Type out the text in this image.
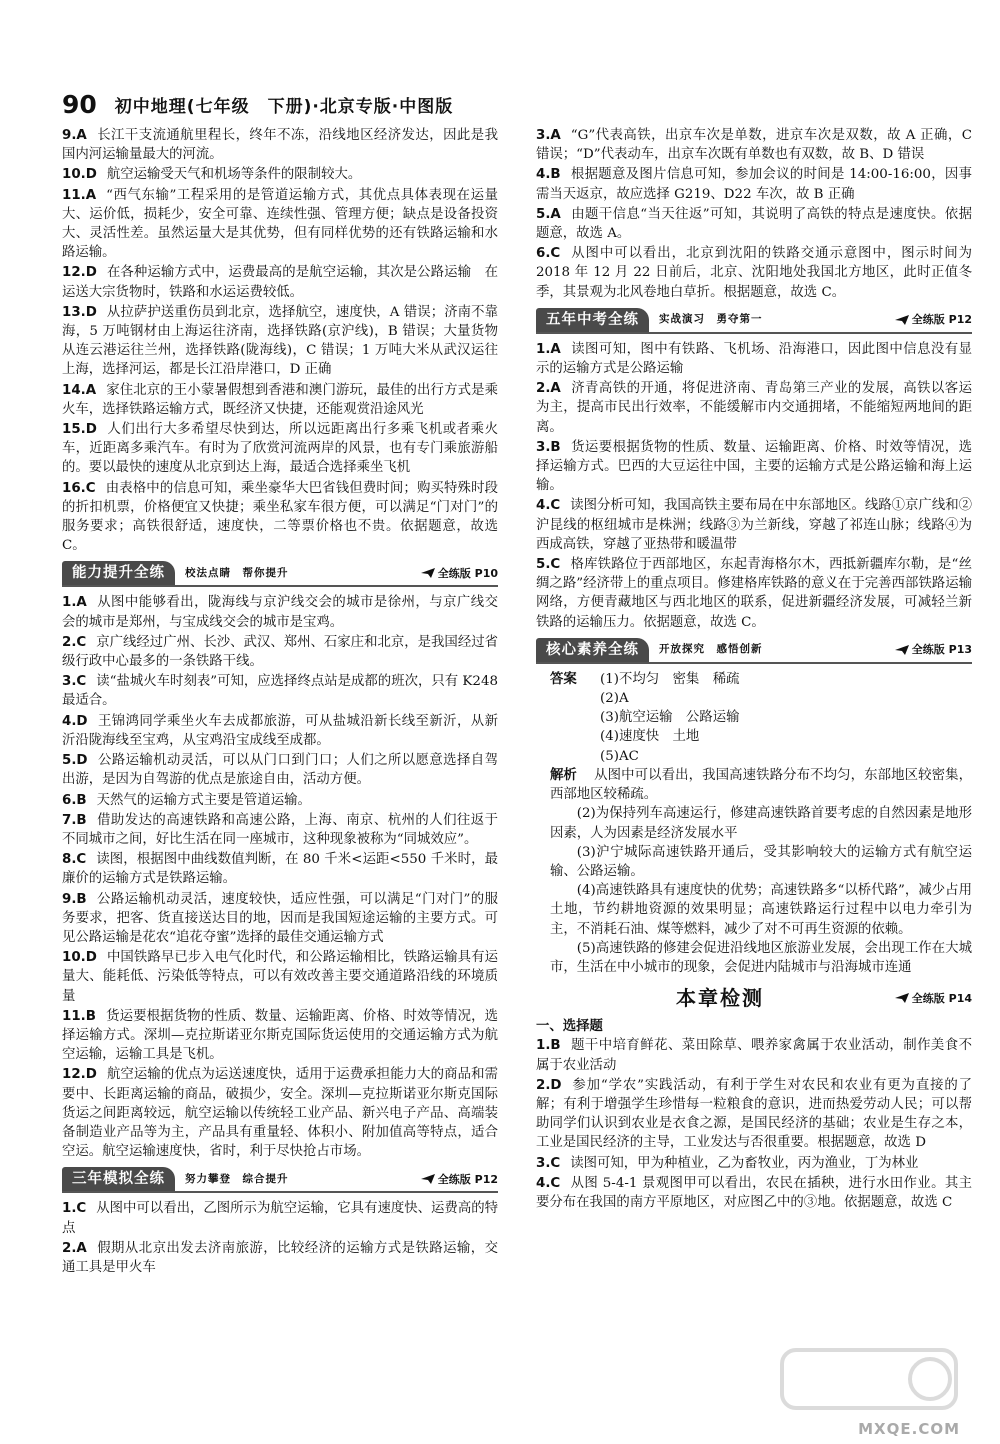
90 初中地理(七年级　下册)·北京专版·中图版
9.A 长江干支流通航里程长，终年不冻，沿线地区经济发达，因此是我国内河运输量最大的河流。
10.D 航空运输受天气和机场等条件的限制较大。
11.A “西气东输”工程采用的是管道运输方式，其优点具体表现在运量大、运价低，损耗少，安全可靠、连续性强、管理方便；缺点是设备投资大、灵活性差。虽然运量大是其优势，但有同样优势的还有铁路运输和水路运输。
12.D 在各种运输方式中，运费最高的是航空运输，其次是公路运输　在运送大宗货物时，铁路和水运运费较低。
13.D 从拉萨护送重伤员到北京，选择航空，速度快，A 错误；济南不靠海，5 万吨钢材由上海运往济南，选择铁路(京沪线)，B 错误；大量货物从连云港运往兰州，选择铁路(陇海线)，C 错误；1 万吨大米从武汉运往上海，选择河运，都是长江沿岸港口，D 正确
14.A 家住北京的王小蒙暑假想到香港和澳门游玩，最佳的出行方式是乘火车，选择铁路运输方式，既经济又快捷，还能观赏沿途风光
15.D 人们出行大多希望尽快到达，所以远距离出行多乘飞机或者乘火车，近距离多乘汽车。有时为了欣赏河流两岸的风景，也有专门乘旅游船的。要以最快的速度从北京到达上海，最适合选择乘坐飞机
16.C 由表格中的信息可知，乘坐豪华大巴省钱但费时间；购买特殊时段的折扣机票，价格便宜又快捷；乘坐私家车很方便，可以满足“门对门”的服务要求；高铁很舒适，速度快，二等票价格也不贵。依据题意，故选 C。
能力提升全练	校法点睛　帮你提升	全练版 P10
1.A 从图中能够看出，陇海线与京沪线交会的城市是徐州，与京广线交会的城市是郑州，与宝成线交会的城市是宝鸡。
2.C 京广线经过广州、长沙、武汉、郑州、石家庄和北京，是我国经过省级行政中心最多的一条铁路干线。
3.C 读“盐城火车时刻表”可知，应选择终点站是成都的班次，只有 K248 最适合。
4.D 王锦鸿同学乘坐火车去成都旅游，可从盐城沿新长线至新沂，从新沂沿陇海线至宝鸡，从宝鸡沿宝成线至成都。
5.D 公路运输机动灵活，可以从门口到门口；人们之所以愿意选择自驾出游，是因为自驾游的优点是旅途自由，活动方便。
6.B 天然气的运输方式主要是管道运输。
7.B 借助发达的高速铁路和高速公路，上海、南京、杭州的人们往返于不同城市之间，好比生活在同一座城市，这种现象被称为“同城效应”。
8.C 读图，根据图中曲线数值判断，在 80 千米<运距<550 千米时，最廉价的运输方式是铁路运输。
9.B 公路运输机动灵活，速度较快，适应性强，可以满足“门对门”的服务要求，把客、货直接送达目的地，因而是我国短途运输的主要方式。可见公路运输是花农“追花夺蜜”选择的最佳交通运输方式
10.D 中国铁路早已步入电气化时代，和公路运输相比，铁路运输具有运量大、能耗低、污染低等特点，可以有效改善主要交通道路沿线的环境质量
11.B 货运要根据货物的性质、数量、运输距离、价格、时效等情况，选择运输方式。深圳—克拉斯诺亚尔斯克国际货运使用的交通运输方式为航空运输，运输工具是飞机。
12.D 航空运输的优点为运送速度快，适用于运费承担能力大的商品和需要中、长距离运输的商品，破损少，安全。深圳—克拉斯诺亚尔斯克国际货运之间距离较远，航空运输以传统轻工业产品、新兴电子产品、高端装备制造业产品等为主，产品具有重量轻、体积小、附加值高等特点，适合空运。航空运输速度快，省时，利于尽快抢占市场。
三年模拟全练	努力攀登　综合提升	全练版 P12
1.C 从图中可以看出，乙图所示为航空运输，它具有速度快、运费高的特点
2.A 假期从北京出发去济南旅游，比较经济的运输方式是铁路运输，交通工具是甲火车
3.A “G”代表高铁，出京车次是单数，进京车次是双数，故 A 正确，C 错误；“D”代表动车，出京车次既有单数也有双数，故 B、D 错误
4.B 根据题意及图片信息可知，参加会议的时间是 14:00-16:00，因事需当天返京，故应选择 G219、D22 车次，故 B 正确
5.A 由题干信息“当天往返”可知，其说明了高铁的特点是速度快。依据题意，故选 A。
6.C 从图中可以看出，北京到沈阳的铁路交通示意图中，图示时间为 2018 年 12 月 22 日前后，北京、沈阳地处我国北方地区，此时正值冬季，其景观为北风卷地白草折。根据题意，故选 C。
五年中考全练	实战演习　勇夺第一	全练版 P12
1.A 读图可知，图中有铁路、飞机场、沿海港口，因此图中信息没有显示的运输方式是公路运输
2.A 济青高铁的开通，将促进济南、青岛第三产业的发展，高铁以客运为主，提高市民出行效率，不能缓解市内交通拥堵，不能缩短两地间的距离。
3.B 货运要根据货物的性质、数量、运输距离、价格、时效等情况，选择运输方式。巴西的大豆运往中国，主要的运输方式是公路运输和海上运输。
4.C 读图分析可知，我国高铁主要布局在中东部地区。线路①京广线和②沪昆线的枢纽城市是株洲；线路③为兰新线，穿越了祁连山脉；线路④为西成高铁，穿越了亚热带和暖温带
5.C 格库铁路位于西部地区，东起青海格尔木，西抵新疆库尔勒，是“丝绸之路”经济带上的重点项目。修建格库铁路的意义在于完善西部铁路运输网络，方便青藏地区与西北地区的联系，促进新疆经济发展，可减轻兰新铁路的运输压力。依据题意，故选 C。
核心素养全练	开放探究　感悟创新	全练版 P13
答案	(1)不均匀　密集　稀疏
(2)A
(3)航空运输　公路运输
(4)速度快　土地
(5)AC
解析 从图中可以看出，我国高速铁路分布不均匀，东部地区较密集，西部地区较稀疏。
(2)为保持列车高速运行，修建高速铁路首要考虑的自然因素是地形因素，人为因素是经济发展水平
(3)沪宁城际高速铁路开通后，受其影响较大的运输方式有航空运输、公路运输。
(4)高速铁路具有速度快的优势；高速铁路多“以桥代路”，减少占用土地，节约耕地资源的效果明显；高速铁路运行过程中以电力牵引为主，不消耗石油、煤等燃料，减少了对不可再生资源的依赖。
(5)高速铁路的修建会促进沿线地区旅游业发展，会出现工作在大城市，生活在中小城市的现象，会促进内陆城市与沿海城市连通
本章检测	全练版 P14
一、选择题
1.B 题干中培育鲜花、菜田除草、喂养家禽属于农业活动，制作美食不属于农业活动
2.D 参加“学农”实践活动，有利于学生对农民和农业有更为直接的了解；有利于增强学生珍惜每一粒粮食的意识，进而热爱劳动人民；可以帮助同学们认识到农业是衣食之源，是国民经济的基础；农业是生存之本，工业是国民经济的主导，工业发达与否很重要。根据题意，故选 D
3.C 读图可知，甲为种植业，乙为畜牧业，丙为渔业，丁为林业
4.C 从图 5-4-1 景观图甲可以看出，农民在插秧，进行水田作业。其主要分布在我国的南方平原地区，对应图乙中的③地。依据题意，故选 C
MXQE.COM
